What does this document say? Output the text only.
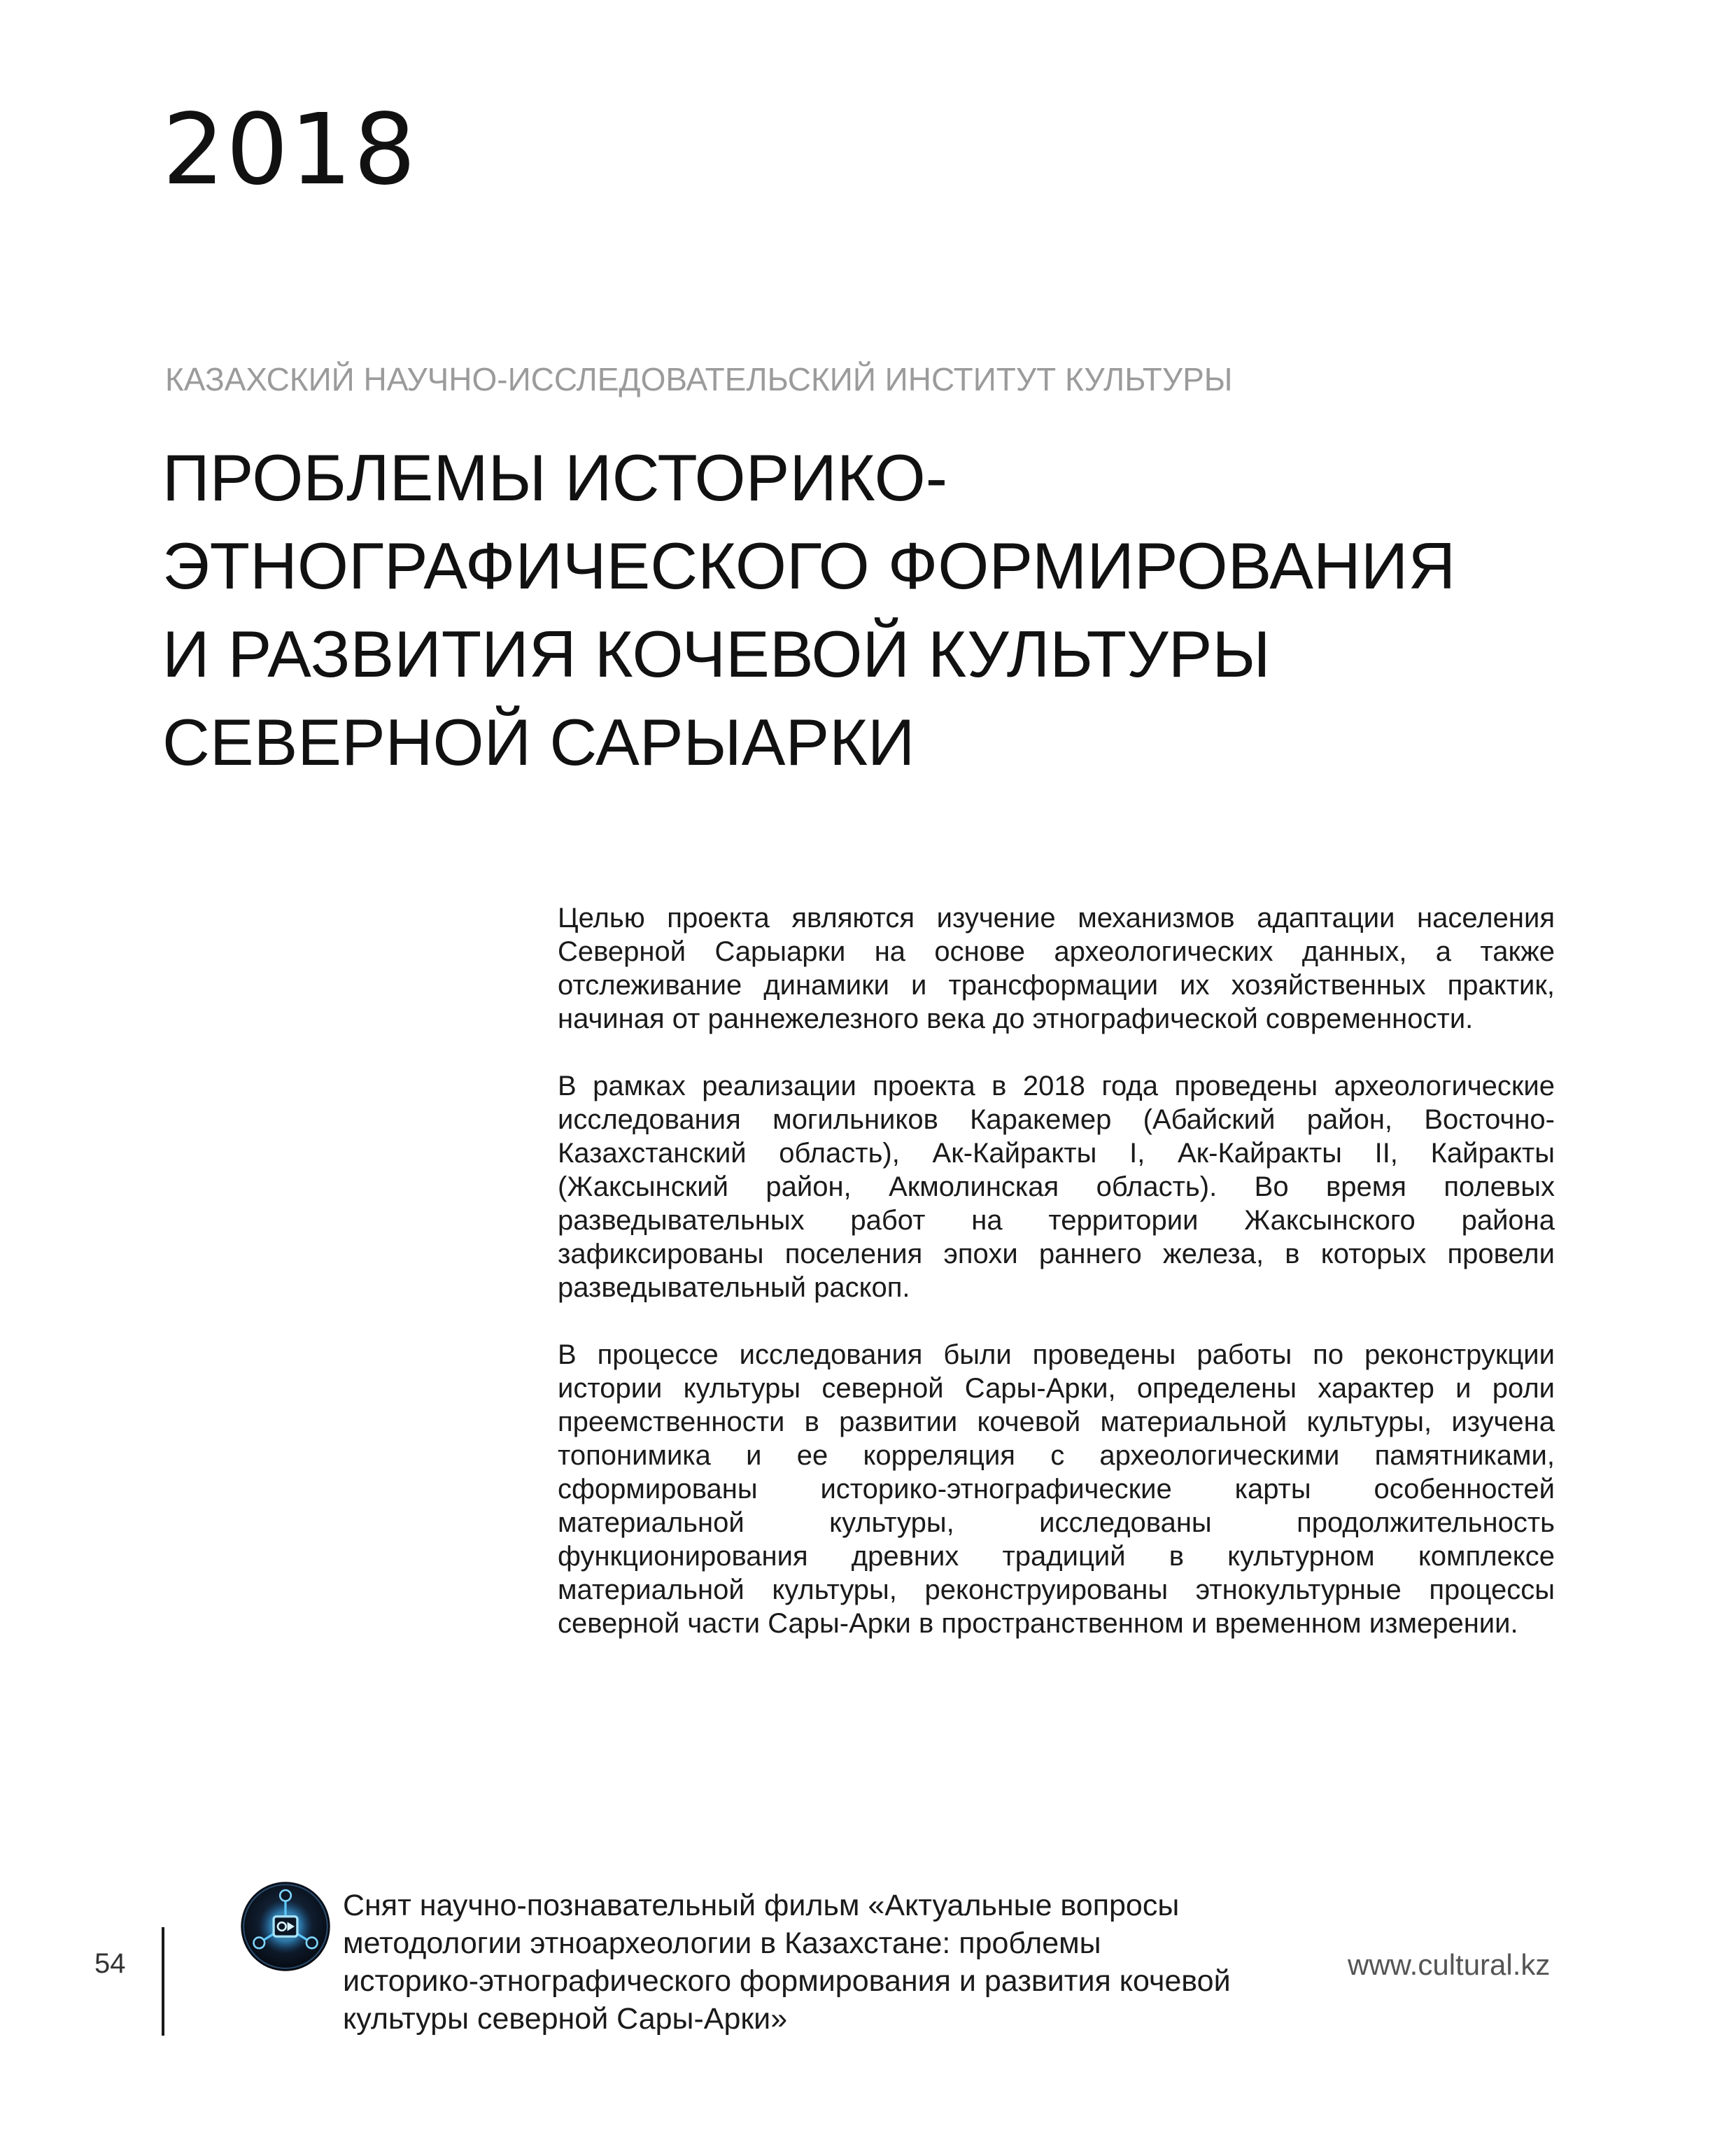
2018
КАЗАХСКИЙ НАУЧНО-ИССЛЕДОВАТЕЛЬСКИЙ ИНСТИТУТ КУЛЬТУРЫ
ПРОБЛЕМЫ ИСТОРИКО-
ЭТНОГРАФИЧЕСКОГО ФОРМИРОВАНИЯ
И РАЗВИТИЯ КОЧЕВОЙ КУЛЬТУРЫ
СЕВЕРНОЙ САРЫАРКИ

Целью проекта являются изучение механизмов адаптации населения Северной Сарыарки на основе археологических данных, а также отслеживание динамики и трансформации их хозяйственных практик, начиная от раннежелезного века до этнографической современности.

В рамках реализации проекта в 2018 года проведены археологические исследования могильников Каракемер (Абайский район, Восточно-Казахстанский область), Ак-Кайракты I, Ак-Кайракты II, Кайракты (Жаксынский район, Акмолинская область). Во время полевых разведывательных работ на территории Жаксынского района зафиксированы поселения эпохи раннего железа, в которых провели разведывательный раскоп.

В процессе исследования были проведены работы по реконструкции истории культуры северной Сары-Арки, определены характер и роли преемственности в развитии кочевой материальной культуры, изучена топонимика и ее корреляция с археологическими памятниками, сформированы историко-этнографические карты особенностей материальной культуры, исследованы продолжительность функционирования древних традиций в культурном комплексе материальной культуры, реконструированы этнокультурные процессы северной части Сары-Арки в пространственном и временном измерении.

Снят научно-познавательный фильм «Актуальные вопросы
методологии этноархеологии в Казахстане: проблемы
историко-этнографического формирования и развития кочевой
культуры северной Сары-Арки»
54	www.cultural.kz
